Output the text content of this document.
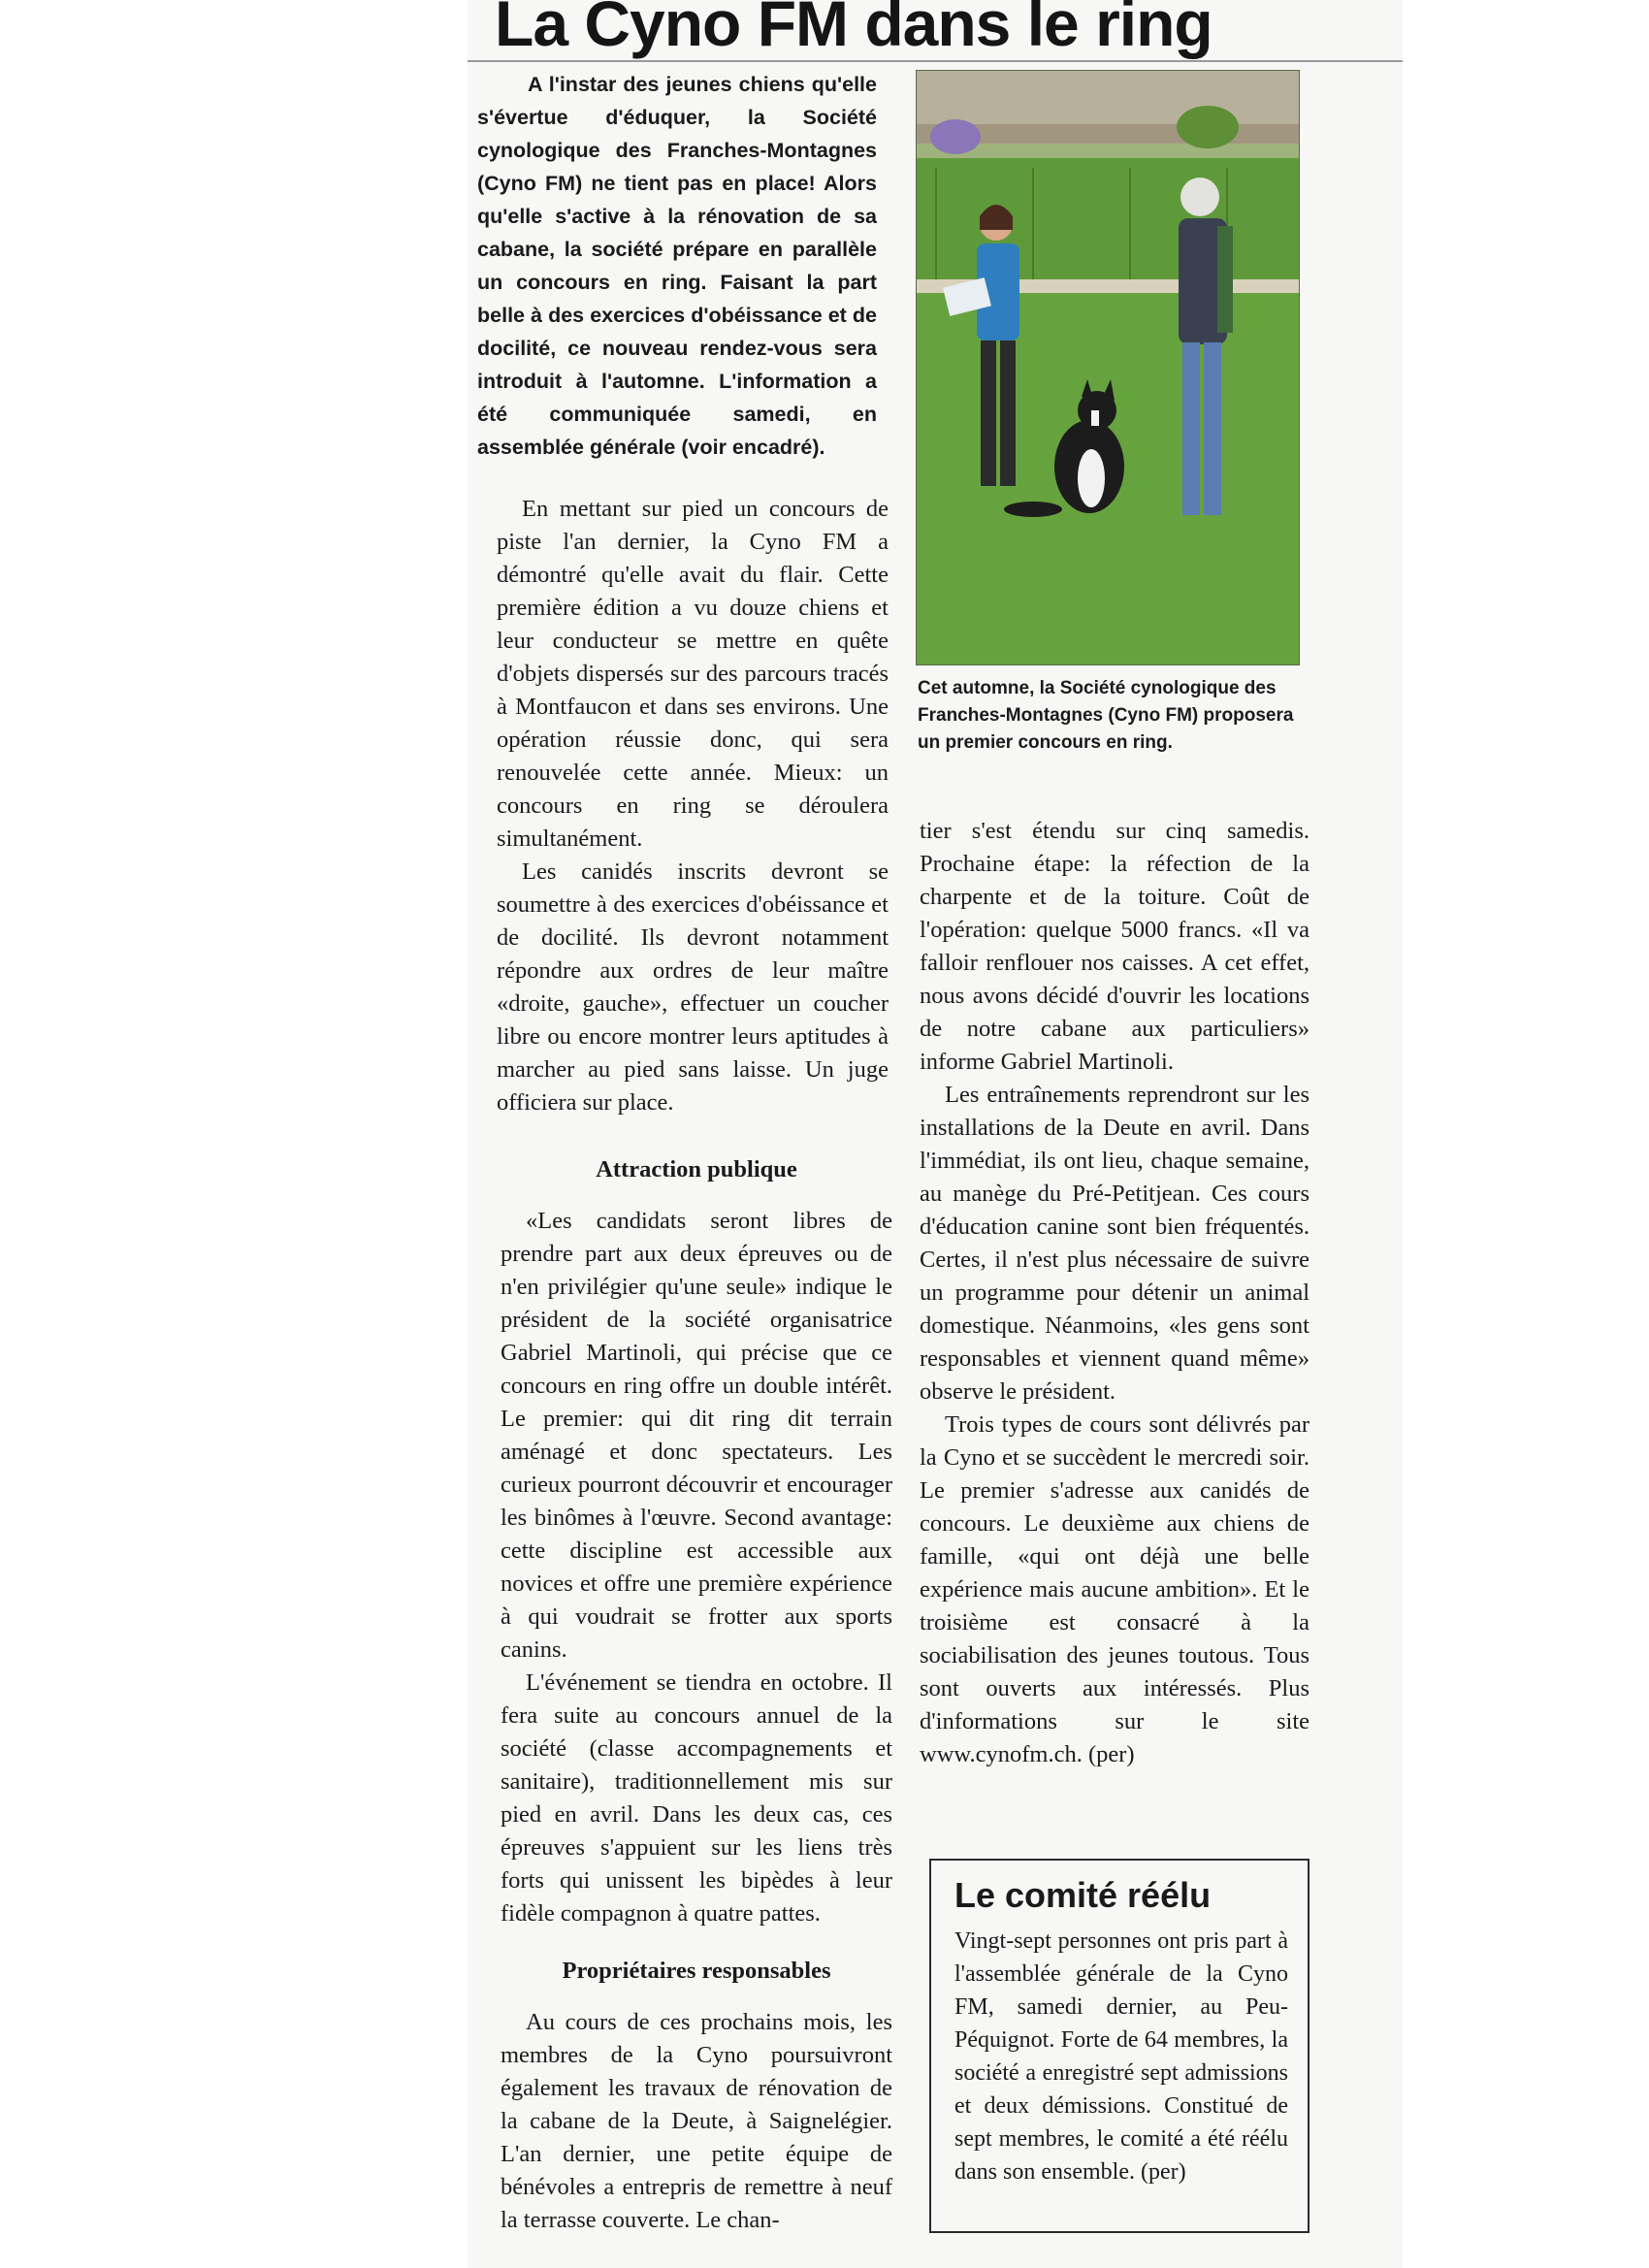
La Cyno FM dans le ring

A l'instar des jeunes chiens qu'elle s'évertue d'éduquer, la Société cynologique des Franches-Montagnes (Cyno FM) ne tient pas en place! Alors qu'elle s'active à la rénovation de sa cabane, la société prépare en parallèle un concours en ring. Faisant la part belle à des exercices d'obéissance et de docilité, ce nouveau rendez-vous sera introduit à l'automne. L'information a été communiquée samedi, en assemblée générale (voir encadré).

Cet automne, la Société cynologique des Franches-Montagnes (Cyno FM) proposera un premier concours en ring.

En mettant sur pied un concours de piste l'an dernier, la Cyno FM a démontré qu'elle avait du flair. Cette première édition a vu douze chiens et leur conducteur se mettre en quête d'objets dispersés sur des parcours tracés à Montfaucon et dans ses environs. Une opération réussie donc, qui sera renouvelée cette année. Mieux: un concours en ring se déroulera simultanément.

Les canidés inscrits devront se soumettre à des exercices d'obéissance et de docilité. Ils devront notamment répondre aux ordres de leur maître «droite, gauche», effectuer un coucher libre ou encore montrer leurs aptitudes à marcher au pied sans laisse. Un juge officiera sur place.

Attraction publique

«Les candidats seront libres de prendre part aux deux épreuves ou de n'en privilégier qu'une seule» indique le président de la société organisatrice Gabriel Martinoli, qui précise que ce concours en ring offre un double intérêt. Le premier: qui dit ring dit terrain aménagé et donc spectateurs. Les curieux pourront découvrir et encourager les binômes à l'œuvre. Second avantage: cette discipline est accessible aux novices et offre une première expérience à qui voudrait se frotter aux sports canins.

L'événement se tiendra en octobre. Il fera suite au concours annuel de la société (classe accompagnements et sanitaire), traditionnellement mis sur pied en avril. Dans les deux cas, ces épreuves s'appuient sur les liens très forts qui unissent les bipèdes à leur fidèle compagnon à quatre pattes.

Propriétaires responsables

Au cours de ces prochains mois, les membres de la Cyno poursuivront également les travaux de rénovation de la cabane de la Deute, à Saignelégier. L'an dernier, une petite équipe de bénévoles a entrepris de remettre à neuf la terrasse couverte. Le chan-

tier s'est étendu sur cinq samedis. Prochaine étape: la réfection de la charpente et de la toiture. Coût de l'opération: quelque 5000 francs. «Il va falloir renflouer nos caisses. A cet effet, nous avons décidé d'ouvrir les locations de notre cabane aux particuliers» informe Gabriel Martinoli.

Les entraînements reprendront sur les installations de la Deute en avril. Dans l'immédiat, ils ont lieu, chaque semaine, au manège du Pré-Petitjean. Ces cours d'éducation canine sont bien fréquentés. Certes, il n'est plus nécessaire de suivre un programme pour détenir un animal domestique. Néanmoins, «les gens sont responsables et viennent quand même» observe le président.

Trois types de cours sont délivrés par la Cyno et se succèdent le mercredi soir. Le premier s'adresse aux canidés de concours. Le deuxième aux chiens de famille, «qui ont déjà une belle expérience mais aucune ambition». Et le troisième est consacré à la sociabilisation des jeunes toutous. Tous sont ouverts aux intéressés. Plus d'informations sur le site www.cynofm.ch. (per)

Le comité réélu

Vingt-sept personnes ont pris part à l'assemblée générale de la Cyno FM, samedi dernier, au Peu-Péquignot. Forte de 64 membres, la société a enregistré sept admissions et deux démissions. Constitué de sept membres, le comité a été réélu dans son ensemble. (per)
